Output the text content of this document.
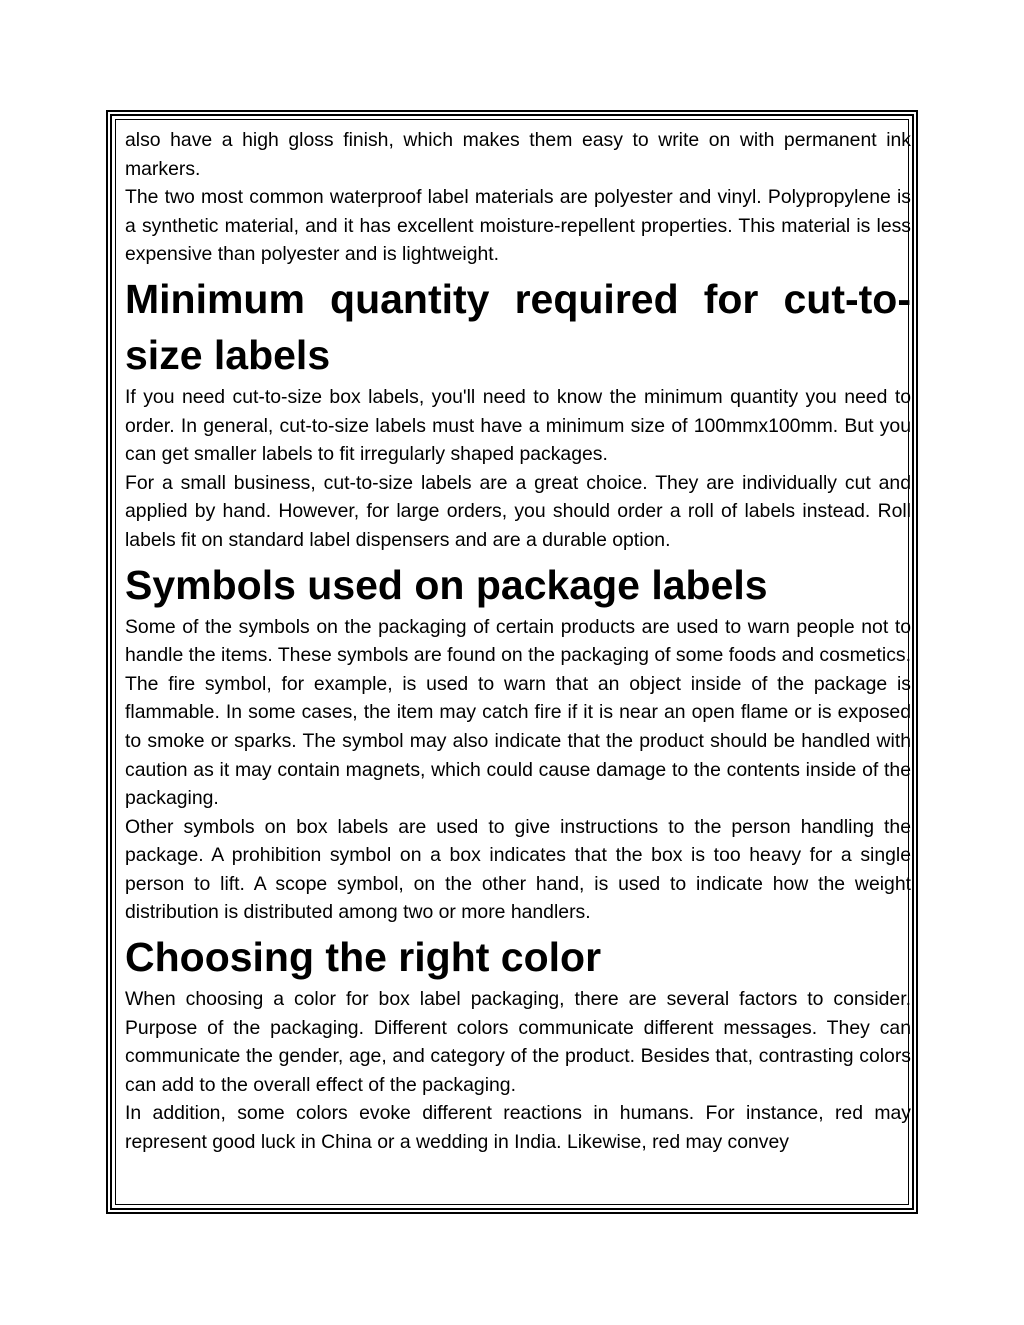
also have a high gloss finish, which makes them easy to write on with permanent ink markers.

The two most common waterproof label materials are polyester and vinyl. Polypropylene is a synthetic material, and it has excellent moisture-repellent properties. This material is less expensive than polyester and is lightweight.

Minimum quantity required for cut-to-size labels

If you need cut-to-size box labels, you'll need to know the minimum quantity you need to order. In general, cut-to-size labels must have a minimum size of 100mmx100mm. But you can get smaller labels to fit irregularly shaped packages.

For a small business, cut-to-size labels are a great choice. They are individually cut and applied by hand. However, for large orders, you should order a roll of labels instead. Roll labels fit on standard label dispensers and are a durable option.

Symbols used on package labels

Some of the symbols on the packaging of certain products are used to warn people not to handle the items. These symbols are found on the packaging of some foods and cosmetics. The fire symbol, for example, is used to warn that an object inside of the package is flammable. In some cases, the item may catch fire if it is near an open flame or is exposed to smoke or sparks. The symbol may also indicate that the product should be handled with caution as it may contain magnets, which could cause damage to the contents inside of the packaging.

Other symbols on box labels are used to give instructions to the person handling the package. A prohibition symbol on a box indicates that the box is too heavy for a single person to lift. A scope symbol, on the other hand, is used to indicate how the weight distribution is distributed among two or more handlers.

Choosing the right color

When choosing a color for box label packaging, there are several factors to consider. Purpose of the packaging. Different colors communicate different messages. They can communicate the gender, age, and category of the product. Besides that, contrasting colors can add to the overall effect of the packaging.

In addition, some colors evoke different reactions in humans. For instance, red may represent good luck in China or a wedding in India. Likewise, red may convey
